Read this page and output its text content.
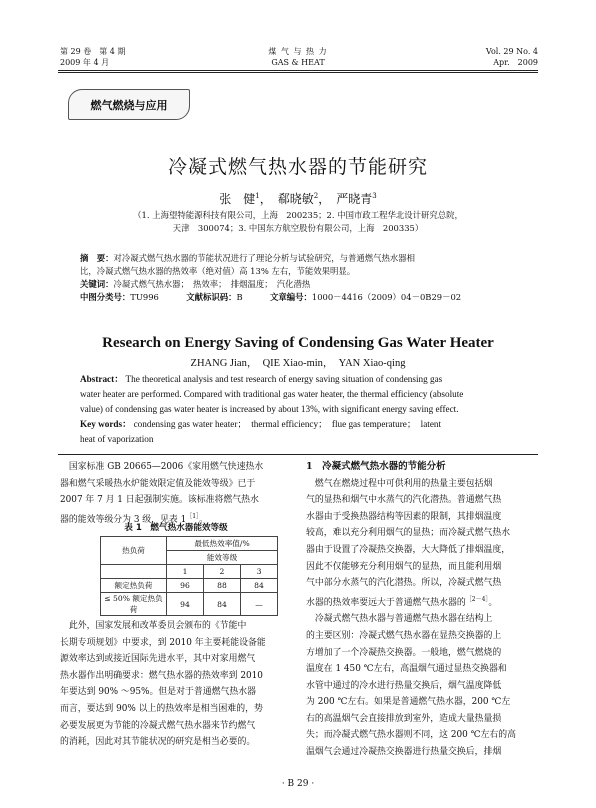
第 29 卷　第 4 期
2009 年 4 月
煤 气 与 热 力
GAS & HEAT
Vol. 29 No. 4
Apr.　2009
燃气燃烧与应用
冷凝式燃气热水器的节能研究
张　健$^1$，　郗晓敏$^2$，　严晓青$^3$
（1. 上海望特能源科技有限公司，上海　200235；2. 中国市政工程华北设计研究总院，
天津　300074；3. 中国东方航空股份有限公司，上海　200335）
摘　要：对冷凝式燃气热水器的节能状况进行了理论分析与试验研究，与普通燃气热水器相
比，冷凝式燃气热水器的热效率（绝对值）高 13% 左右，节能效果明显。
关键词：冷凝式燃气热水器；　热效率；　排烟温度；　汽化潜热
中图分类号：TU996	文献标识码：B	文章编号：1000－4416（2009）04－0B29－02
Research on Energy Saving of Condensing Gas Water Heater
ZHANG Jian，　QIE Xiao-min，　YAN Xiao-qing
Abstract： The theoretical analysis and test research of energy saving situation of condensing gas
water heater are performed. Compared with traditional gas water heater, the thermal efficiency (absolute
value) of condensing gas water heater is increased by about 13%, with significant energy saving effect.
Key words： condensing gas water heater；　thermal efficiency；　flue gas temperature；　latent
heat of vaporization
　国家标准 GB 20665—2006《家用燃气快速热水
器和燃气采暖热水炉能效限定值及能效等级》已于
2007 年 7 月 1 日起强制实施。该标准将燃气热水
器的能效等级分为 3 级，见表 $1^{[1]}$。
表 1　燃气热水器能效等级
热负荷	最低热效率值/%		
	能效等级		
	1	2	3
额定热负荷	96	88	84
≤ 50% 额定热负荷	94	84	—
　此外，国家发展和改革委员会颁布的《节能中
长期专项规划》中要求，到 2010 年主要耗能设备能
源效率达到或接近国际先进水平，其中对家用燃气
热水器作出明确要求：燃气热水器的热效率到 2010
年要达到 90% ～95%。但是对于普通燃气热水器
而言，要达到 90% 以上的热效率是相当困难的，势
必要发展更为节能的冷凝式燃气热水器来节约燃气
的消耗，因此对其节能状况的研究是相当必要的。
1　冷凝式燃气热水器的节能分析
　燃气在燃烧过程中可供利用的热量主要包括烟
气的显热和烟气中水蒸气的汽化潜热。普通燃气热
水器由于受换热器结构等因素的限制，其排烟温度
较高，难以充分利用烟气的显热；而冷凝式燃气热水
器由于设置了冷凝热交换器，大大降低了排烟温度，
因此不仅能够充分利用烟气的显热，而且能利用烟
气中部分水蒸气的汽化潜热。所以，冷凝式燃气热
水器的热效率要远大于普通燃气热水器的$^{[2-4]}$。
　冷凝式燃气热水器与普通燃气热水器在结构上
的主要区别：冷凝式燃气热水器在显热交换器的上
方增加了一个冷凝热交换器。一般地，燃气燃烧的
温度在 1 450 ℃左右，高温烟气通过显热交换器和
水管中通过的冷水进行热量交换后，烟气温度降低
为 200 ℃左右。如果是普通燃气热水器，200 ℃左
右的高温烟气会直接排放到室外，造成大量热量损
失；而冷凝式燃气热水器则不同，这 200 ℃左右的高
温烟气会通过冷凝热交换器进行热量交换后，排烟
· B 29 ·
